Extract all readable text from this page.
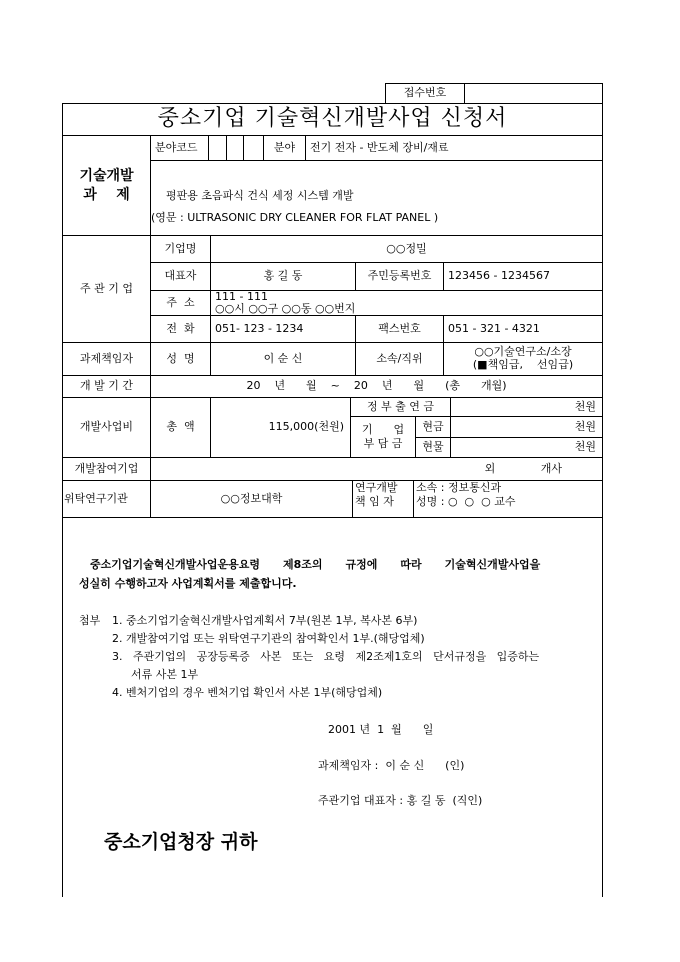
접수번호
중소기업 기술혁신개발사업 신청서
기술개발
과    제
분야코드	분야	전기 전자 - 반도체 장비/재료
평판용 초음파식 건식 세정 시스템 개발
(영문 : ULTRASONIC DRY CLEANER FOR FLAT PANEL )
주 관 기 업
기업명	○○정밀
대표자	홍 길 동	주민등록번호	123456 - 1234567
주  소	111 - 111
○○시 ○○구 ○○동 ○○번지
전  화	051- 123 - 1234	팩스번호	051 - 321 - 4321
과제책임자	성  명	이 순 신	소속/직위	○○기술연구소/소장
(■책임급,    선임급)
개 발 기 간	20    년      월    ~    20    년      월      (총      개월)
개발사업비	총  액	115,000(천원)
정 부 출 연 금	천원
기      업
부 담 금
현금	천원
현물	천원
개발참여기업	외             개사
위탁연구기관	○○정보대학
연구개발
책 임 자
소속 : 정보통신과
성명 : ○  ○  ○ 교수
중소기업기술혁신개발사업운용요령      제8조의      규정에      따라      기술혁신개발사업을
성실히 수행하고자 사업계획서를 제출합니다.
첨부 1. 중소기업기술혁신개발사업계획서 7부(원본 1부, 복사본 6부)
2. 개발참여기업 또는 위탁연구기관의 참여확인서 1부.(해당업체)
3.   주관기업의   공장등록증   사본   또는   요령   제2조제1호의   단서규정을   입증하는
서류 사본 1부
4. 벤처기업의 경우 벤처기업 확인서 사본 1부(해당업체)
2001 년  1  월      일
과제책임자 :  이 순 신      (인)
주관기업 대표자 : 홍 길 동  (직인)
중소기업청장 귀하
